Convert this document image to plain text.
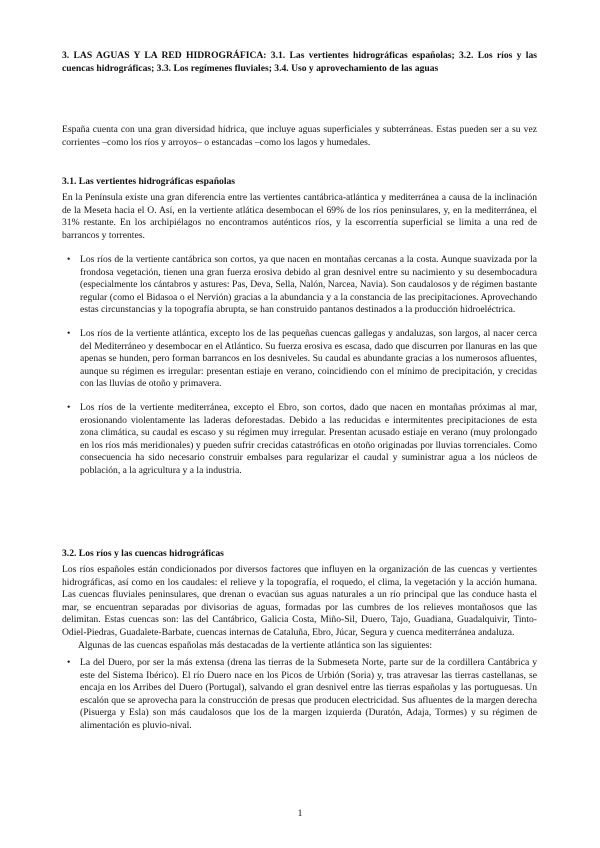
3. LAS AGUAS Y LA RED HIDROGRÁFICA: 3.1. Las vertientes hidrográficas españolas; 3.2. Los ríos y las cuencas hidrográficas; 3.3. Los regímenes fluviales; 3.4. Uso y aprovechamiento de las aguas

España cuenta con una gran diversidad hídrica, que incluye aguas superficiales y subterráneas. Estas pueden ser a su vez corrientes –como los ríos y arroyos– o estancadas –como los lagos y humedales.

3.1. Las vertientes hidrográficas españolas

En la Península existe una gran diferencia entre las vertientes cantábrica-atlántica y mediterránea a causa de la inclinación de la Meseta hacia el O. Así, en la vertiente atlática desembocan el 69% de los ríos peninsulares, y, en la mediterránea, el 31% restante. En los archipiélagos no encontramos auténticos ríos, y la escorrentía superficial se limita a una red de barrancos y torrentes.

• Los ríos de la vertiente cantábrica son cortos, ya que nacen en montañas cercanas a la costa. Aunque suavizada por la frondosa vegetación, tienen una gran fuerza erosiva debido al gran desnivel entre su nacimiento y su desembocadura (especialmente los cántabros y astures: Pas, Deva, Sella, Nalón, Narcea, Navia). Son caudalosos y de régimen bastante regular (como el Bidasoa o el Nervión) gracias a la abundancia y a la constancia de las precipitaciones. Aprovechando estas circunstancias y la topografía abrupta, se han construido pantanos destinados a la producción hidroeléctrica.
• Los ríos de la vertiente atlántica, excepto los de las pequeñas cuencas gallegas y andaluzas, son largos, al nacer cerca del Mediterráneo y desembocar en el Atlántico. Su fuerza erosiva es escasa, dado que discurren por llanuras en las que apenas se hunden, pero forman barrancos en los desniveles. Su caudal es abundante gracias a los numerosos afluentes, aunque su régimen es irregular: presentan estiaje en verano, coincidiendo con el mínimo de precipitación, y crecidas con las lluvias de otoño y primavera.
• Los ríos de la vertiente mediterránea, excepto el Ebro, son cortos, dado que nacen en montañas próximas al mar, erosionando violentamente las laderas deforestadas. Debido a las reducidas e intermitentes precipitaciones de esta zona climática, su caudal es escaso y su régimen muy irregular. Presentan acusado estiaje en verano (muy prolongado en los ríos más meridionales) y pueden sufrir crecidas catastróficas en otoño originadas por lluvias torrenciales. Como consecuencia ha sido necesario construir embalses para regularizar el caudal y suministrar agua a los núcleos de población, a la agricultura y a la industria.

3.2. Los ríos y las cuencas hidrográficas

Los ríos españoles están condicionados por diversos factores que influyen en la organización de las cuencas y vertientes hidrográficas, así como en los caudales: el relieve y la topografía, el roquedo, el clima, la vegetación y la acción humana. Las cuencas fluviales peninsulares, que drenan o evacúan sus aguas naturales a un río principal que las conduce hasta el mar, se encuentran separadas por divisorias de aguas, formadas por las cumbres de los relieves montañosos que las delimitan. Estas cuencas son: las del Cantábrico, Galicia Costa, Miño-Sil, Duero, Tajo, Guadiana, Guadalquivir, Tinto-Odiel-Piedras, Guadalete-Barbate, cuencas internas de Cataluña, Ebro, Júcar, Segura y cuenca mediterránea andaluza.

Algunas de las cuencas españolas más destacadas de la vertiente atlántica son las siguientes:

• La del Duero, por ser la más extensa (drena las tierras de la Submeseta Norte, parte sur de la cordillera Cantábrica y este del Sistema Ibérico). El río Duero nace en los Picos de Urbión (Soria) y, tras atravesar las tierras castellanas, se encaja en los Arribes del Duero (Portugal), salvando el gran desnivel entre las tierras españolas y las portuguesas. Un escalón que se aprovecha para la construcción de presas que producen electricidad. Sus afluentes de la margen derecha (Pisuerga y Esla) son más caudalosos que los de la margen izquierda (Duratón, Adaja, Tormes) y su régimen de alimentación es pluvio-nival.

1
